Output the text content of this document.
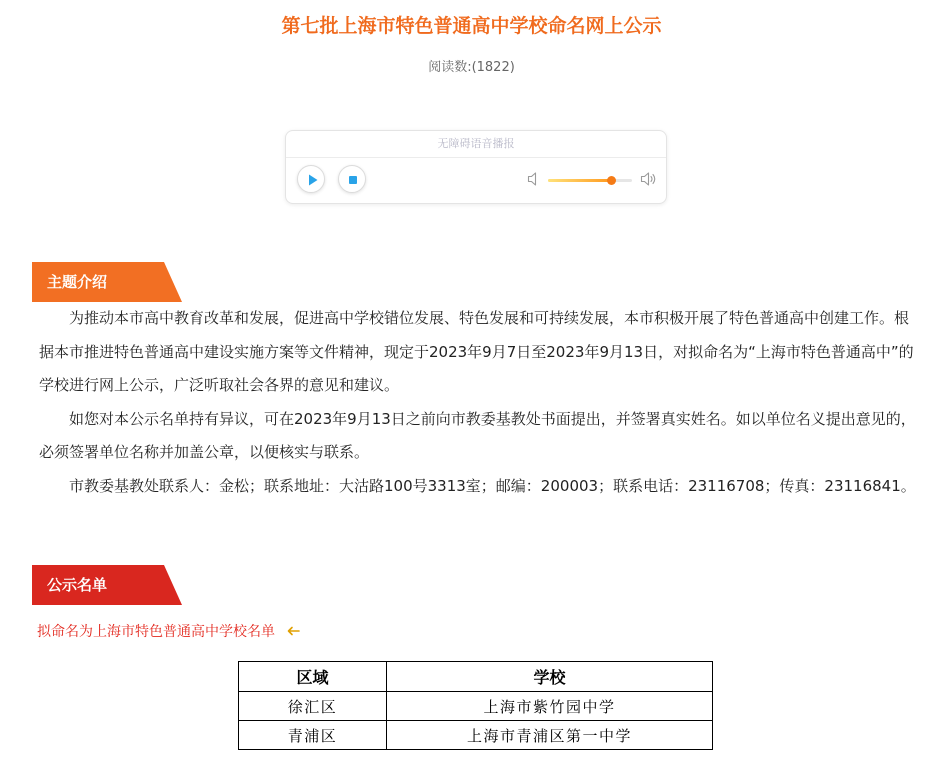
第七批上海市特色普通高中学校命名网上公示
阅读数:(1822)
无障碍语音播报
主题介绍

为推动本市高中教育改革和发展，促进高中学校错位发展、特色发展和可持续发展，本市积极开展了特色普通高中创建工作。根据本市推进特色普通高中建设实施方案等文件精神，现定于2023年9月7日至2023年9月13日，对拟命名为“上海市特色普通高中”的学校进行网上公示，广泛听取社会各界的意见和建议。

如您对本公示名单持有异议，可在2023年9月13日之前向市教委基教处书面提出，并签署真实姓名。如以单位名义提出意见的，必须签署单位名称并加盖公章，以便核实与联系。

市教委基教处联系人：金松；联系地址：大沽路100号3313室；邮编：200003；联系电话：23116708；传真：23116841。

公示名单
拟命名为上海市特色普通高中学校名单
区域	学校
徐汇区	上海市紫竹园中学
青浦区	上海市青浦区第一中学
